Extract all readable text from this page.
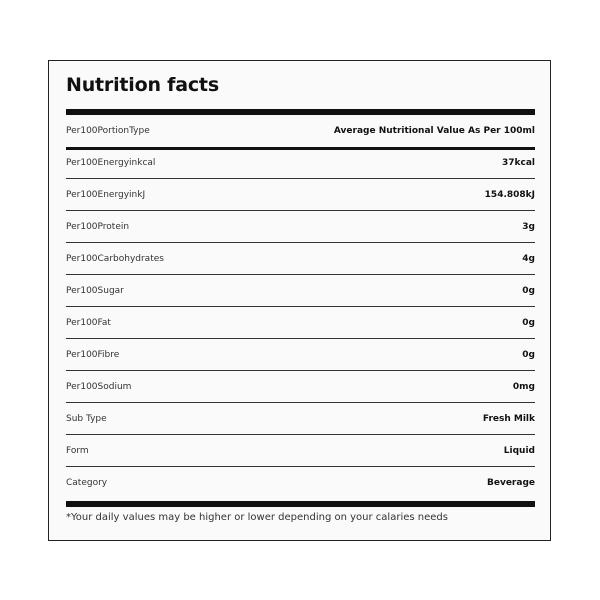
Nutrition facts
Per100PortionType	Average Nutritional Value As Per 100ml
Per100Energyinkcal	37kcal
Per100EnergyinkJ	154.808kJ
Per100Protein	3g
Per100Carbohydrates	4g
Per100Sugar	0g
Per100Fat	0g
Per100Fibre	0g
Per100Sodium	0mg
Sub Type	Fresh Milk
Form	Liquid
Category	Beverage
*Your daily values may be higher or lower depending on your calaries needs
